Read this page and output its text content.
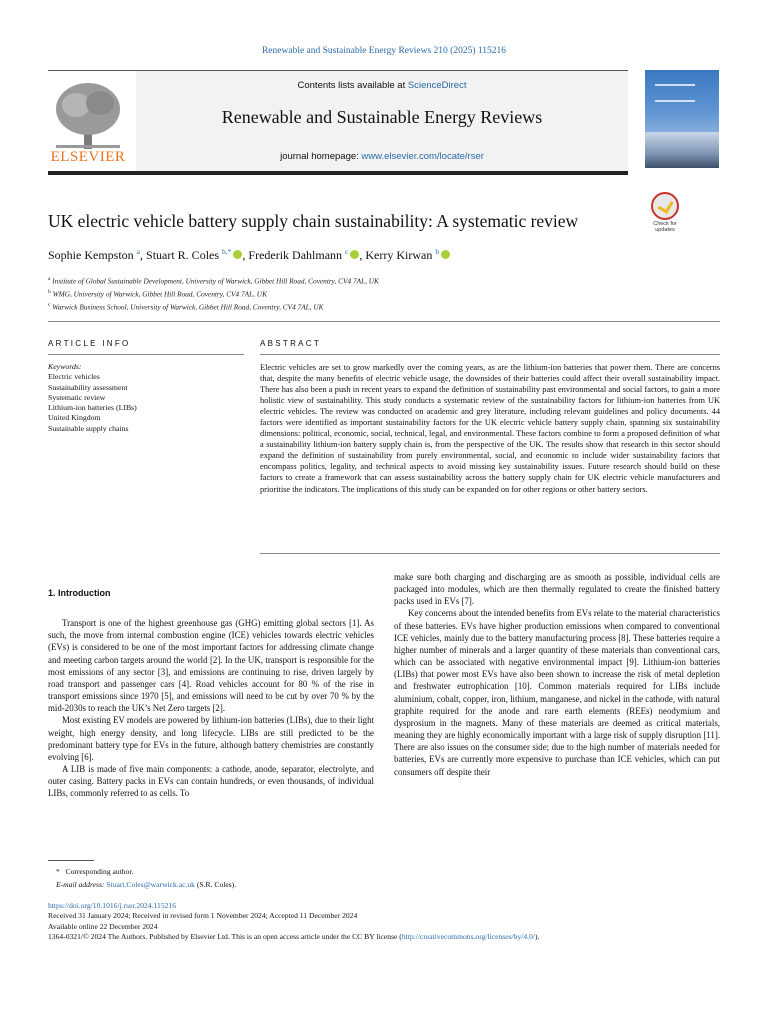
Renewable and Sustainable Energy Reviews 210 (2025) 115216
ELSEVIER
Contents lists available at ScienceDirect
Renewable and Sustainable Energy Reviews
journal homepage: www.elsevier.com/locate/rser
UK electric vehicle battery supply chain sustainability: A systematic review	Check for
updates
Sophie Kempston $^a$, Stuart R. Coles $^{b,*}$ , Frederik Dahlmann $^c$ , Kerry Kirwan $^b$
$^a$ Institute of Global Sustainable Development, University of Warwick, Gibbet Hill Road, Coventry, CV4 7AL, UK
$^b$ WMG, University of Warwick, Gibbet Hill Road, Coventry, CV4 7AL, UK
$^c$ Warwick Business School, University of Warwick, Gibbet Hill Road, Coventry, CV4 7AL, UK
ARTICLE INFO
Keywords:
Electric vehicles
Sustainability assessment
Systematic review
Lithium-ion batteries (LIBs)
United Kingdom
Sustainable supply chains
ABSTRACT
Electric vehicles are set to grow markedly over the coming years, as are the lithium-ion batteries that power them. There are concerns that, despite the many benefits of electric vehicle usage, the downsides of their batteries could affect their overall sustainability impact. There has also been a push in recent years to expand the definition of sustainability past environmental and social factors, to gain a more holistic view of sustainability. This study conducts a systematic review of the sustainability factors for lithium-ion batteries from UK electric vehicles. The review was conducted on academic and grey literature, including relevant guidelines and policy documents. 44 factors were identified as important sustainability factors for the UK electric vehicle battery supply chain, spanning six sustainability dimensions: political, economic, social, technical, legal, and environmental. These factors combine to form a proposed definition of what a sustainability lithium-ion battery supply chain is, from the perspective of the UK. The results show that research in this sector should expand the definition of sustainability from purely environmental, social, and economic to include wider sustainability factors that encompass politics, legality, and technical aspects to avoid missing key sustainability issues. Future research should build on these factors to create a framework that can assess sustainability across the battery supply chain for UK electric vehicle manufacturers and prioritise the indicators. The implications of this study can be expanded on for other regions or other battery sectors.
1. Introduction

Transport is one of the highest greenhouse gas (GHG) emitting global sectors [1]. As such, the move from internal combustion engine (ICE) vehicles towards electric vehicles (EVs) is considered to be one of the most important factors for addressing climate change and meeting carbon targets around the world [2]. In the UK, transport is responsible for the most emissions of any sector [3], and emissions are continuing to rise, driven largely by road transport and passenger cars [4]. Road vehicles account for 80 % of the rise in transport emissions since 1970 [5], and emissions will need to be cut by over 70 % by the mid-2030s to reach the UK’s Net Zero targets [2].

Most existing EV models are powered by lithium-ion batteries (LIBs), due to their light weight, high energy density, and long lifecycle. LIBs are still predicted to be the predominant battery type for EVs in the future, although battery chemistries are constantly evolving [6].

A LIB is made of five main components: a cathode, anode, separator, electrolyte, and outer casing. Battery packs in EVs can contain hundreds, or even thousands, of individual LIBs, commonly referred to as cells. To

make sure both charging and discharging are as smooth as possible, individual cells are packaged into modules, which are then thermally regulated to create the finished battery packs used in EVs [7].

Key concerns about the intended benefits from EVs relate to the material characteristics of these batteries. EVs have higher production emissions when compared to conventional ICE vehicles, mainly due to the battery manufacturing process [8]. These batteries require a higher number of minerals and a larger quantity of these materials than conventional cars, which can be associated with negative environmental impact [9]. Lithium-ion batteries (LIBs) that power most EVs have also been shown to increase the risk of metal depletion and freshwater eutrophication [10]. Common materials required for LIBs include aluminium, cobalt, copper, iron, lithium, manganese, and nickel in the cathode, with natural graphite required for the anode and rare earth elements (REEs) neodymium and dysprosium in the magnets. Many of these materials are deemed as critical materials, meaning they are highly economically important with a large risk of supply disruption [11]. There are also issues on the consumer side; due to the high number of materials needed for batteries, EVs are currently more expensive to purchase than ICE vehicles, which can put consumers off despite their

*   Corresponding author.
E-mail address: Stuart.Coles@warwick.ac.uk (S.R. Coles).
https://doi.org/10.1016/j.rser.2024.115216
Received 31 January 2024; Received in revised form 1 November 2024; Accepted 11 December 2024
Available online 22 December 2024
1364-0321/© 2024 The Authors. Published by Elsevier Ltd. This is an open access article under the CC BY license (http://creativecommons.org/licenses/by/4.0/).
